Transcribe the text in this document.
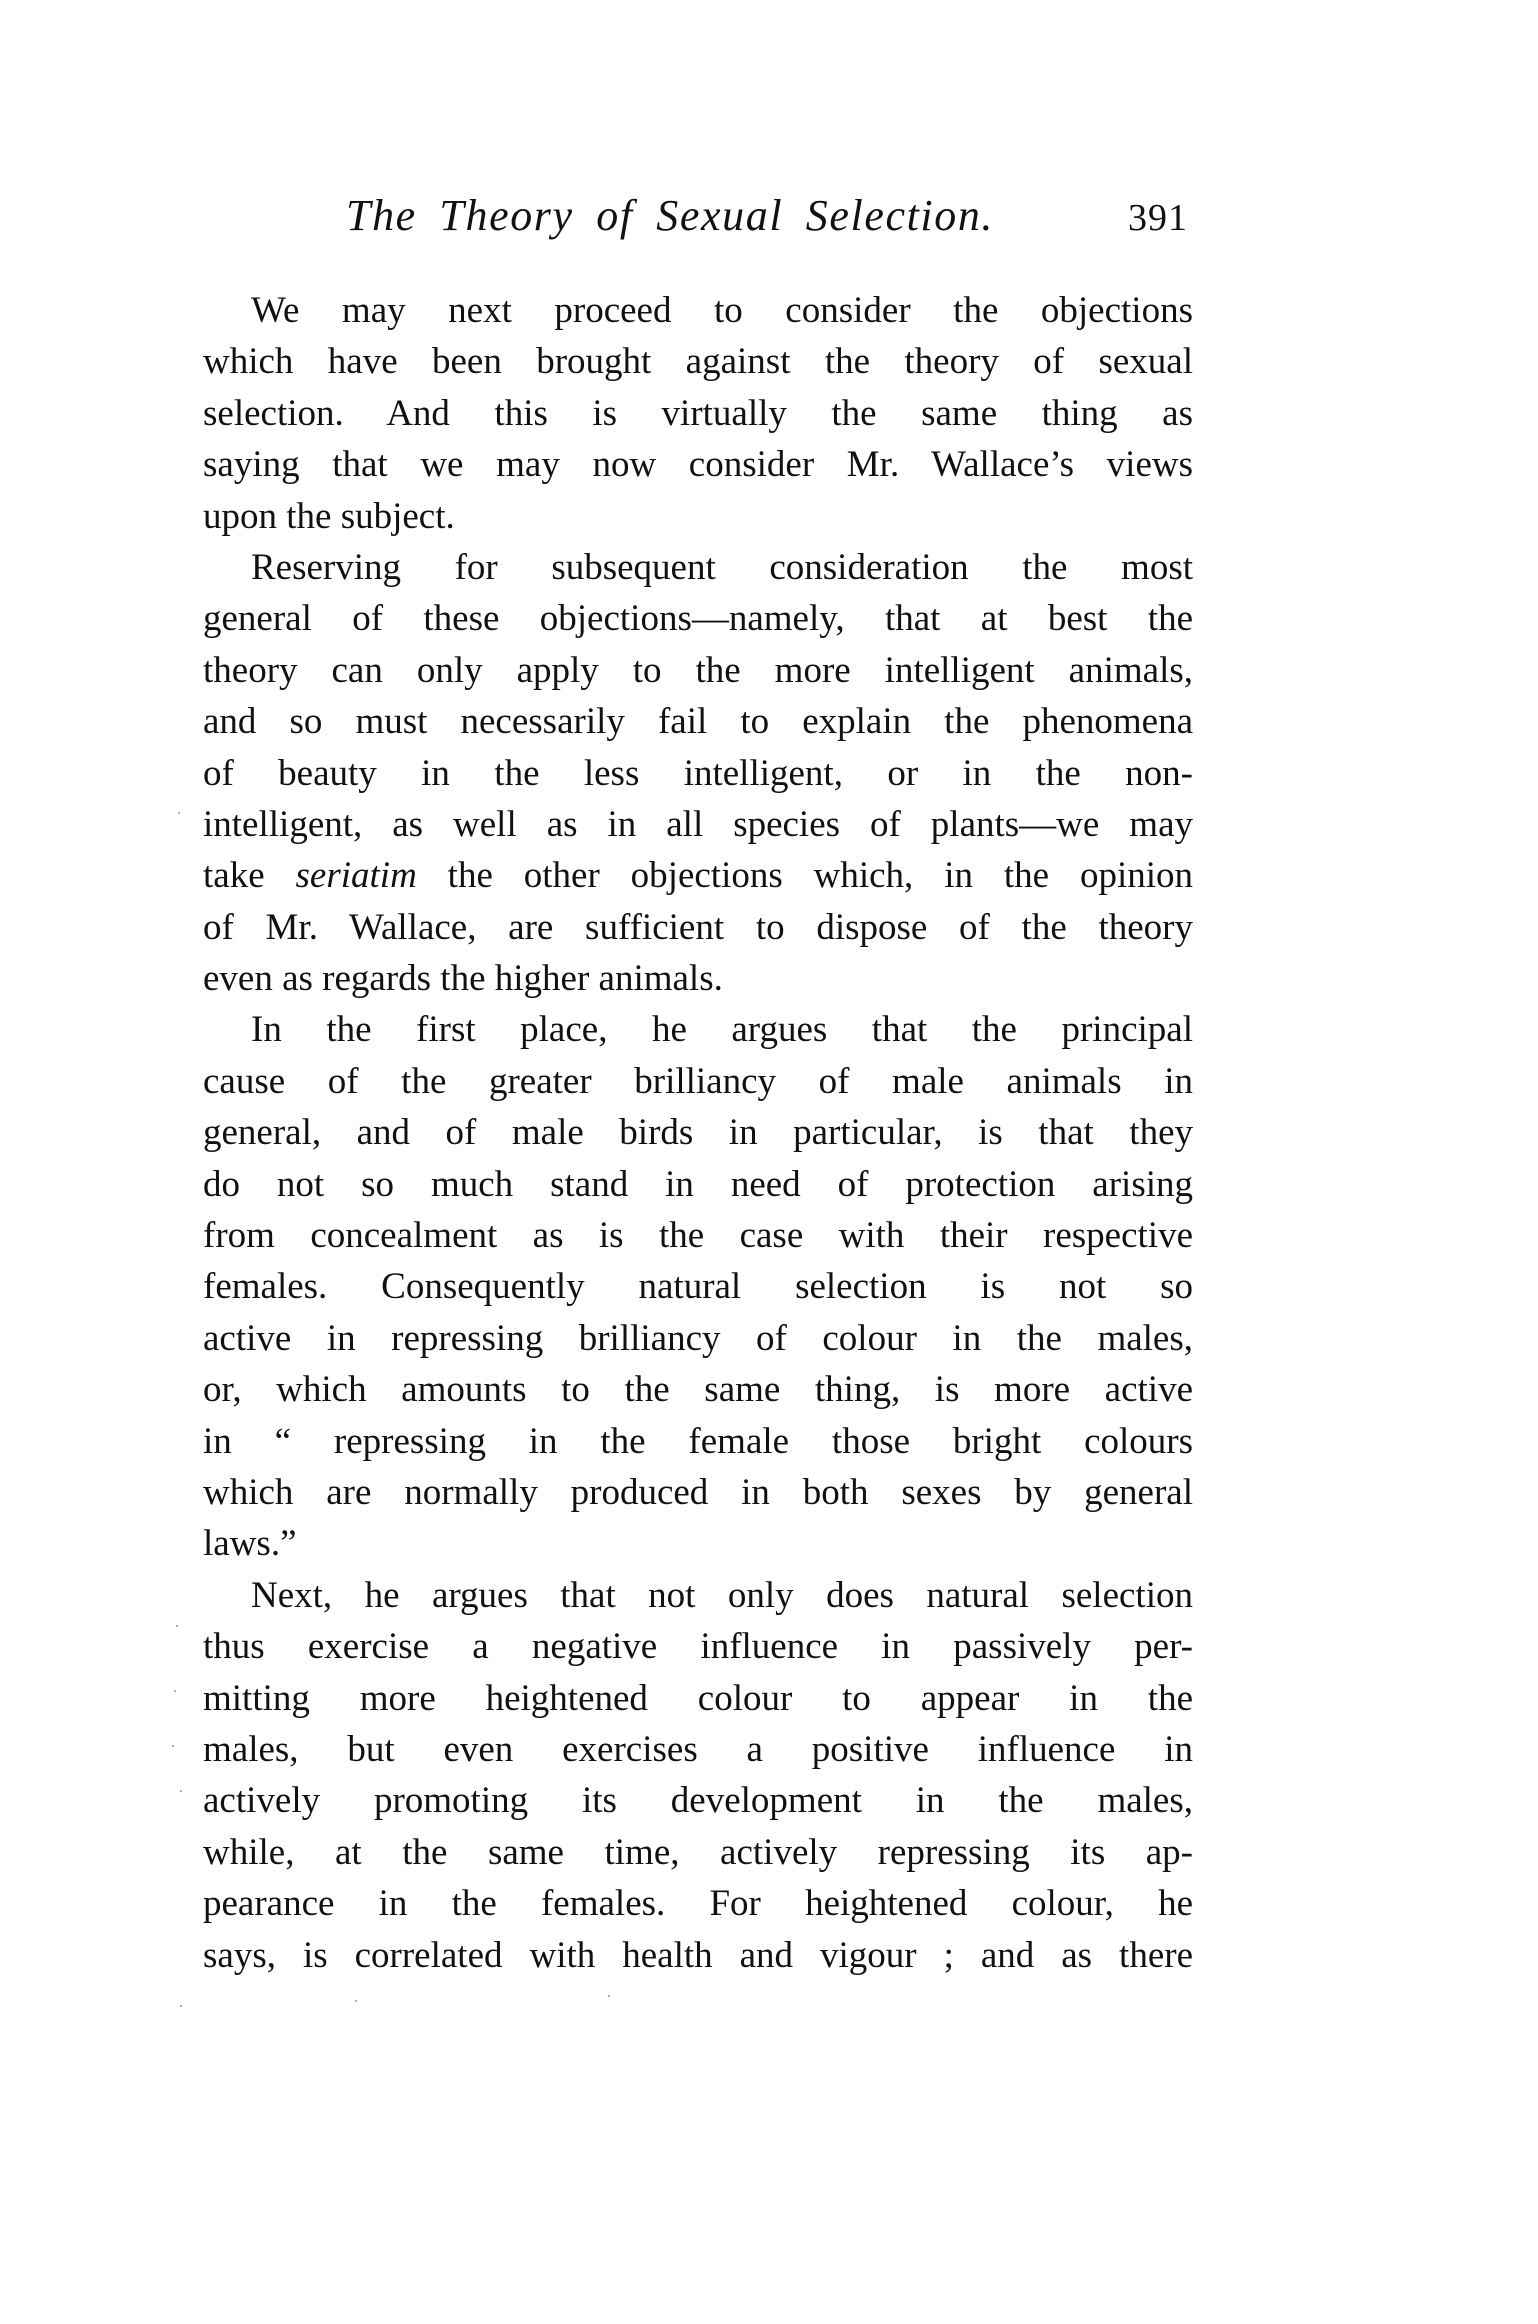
The Theory of Sexual Selection.	391
We may next proceed to consider the objections
which have been brought against the theory of sexual
selection. And this is virtually the same thing as
saying that we may now consider Mr. Wallace’s views
upon the subject.
Reserving for subsequent consideration the most
general of these objections—namely, that at best the
theory can only apply to the more intelligent animals,
and so must necessarily fail to explain the phenomena
of beauty in the less intelligent, or in the non-
intelligent, as well as in all species of plants—we may
take seriatim the other objections which, in the opinion
of Mr. Wallace, are sufficient to dispose of the theory
even as regards the higher animals.
In the first place, he argues that the principal
cause of the greater brilliancy of male animals in
general, and of male birds in particular, is that they
do not so much stand in need of protection arising
from concealment as is the case with their respective
females. Consequently natural selection is not so
active in repressing brilliancy of colour in the males,
or, which amounts to the same thing, is more active
in “ repressing in the female those bright colours
which are normally produced in both sexes by general
laws.”
Next, he argues that not only does natural selection
thus exercise a negative influence in passively per-
mitting more heightened colour to appear in the
males, but even exercises a positive influence in
actively promoting its development in the males,
while, at the same time, actively repressing its ap-
pearance in the females. For heightened colour, he
says, is correlated with health and vigour ; and as there
